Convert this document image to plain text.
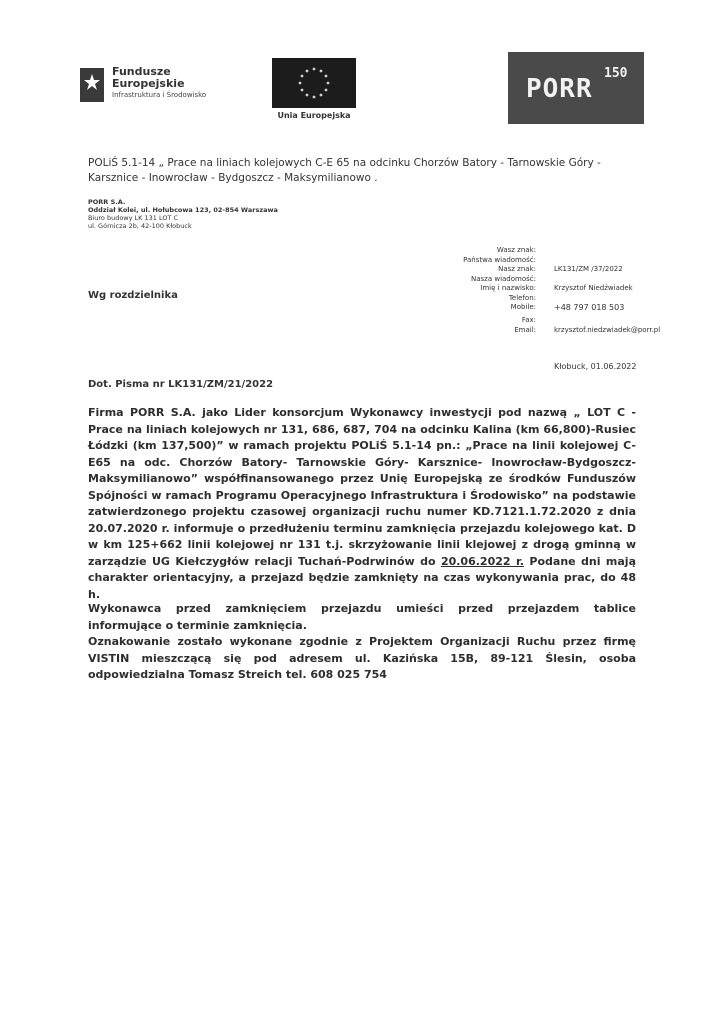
Fundusze
Europejskie
Infrastruktura i Środowisko
Unia Europejska
PORR
150
POLiŚ 5.1-14 „ Prace na liniach kolejowych C-E 65 na odcinku Chorzów Batory - Tarnowskie Góry - Karsznice - Inowrocław - Bydgoszcz - Maksymilianowo .
PORR S.A.
Oddział Kolei, ul. Hołubcowa 123, 02-854 Warszawa
Biuro budowy LK 131 LOT C
ul. Górnicza 2b, 42-100 Kłobuck
Wg rozdzielnika
Wasz znak:
Państwa wiadomość:
Nasz znak:	LK131/ZM /37/2022
Nasza wiadomość:
Imię i nazwisko:	Krzysztof Niedźwiadek
Telefon:
Mobile: +48 797 018 503
Fax:
Email:	krzysztof.niedzwiadek@porr.pl
Kłobuck, 01.06.2022
Dot. Pisma nr LK131/ZM/21/2022
Firma PORR S.A. jako Lider konsorcjum Wykonawcy inwestycji pod nazwą „ LOT C - Prace na liniach kolejowych nr 131, 686, 687, 704 na odcinku Kalina (km 66,800)-Rusiec Łódzki (km 137,500)” w ramach projektu POLiŚ 5.1-14 pn.: „Prace na linii kolejowej C-E65 na odc. Chorzów Batory- Tarnowskie Góry- Karsznice- Inowrocław-Bydgoszcz- Maksymilianowo” współfinansowanego przez Unię Europejską ze środków Funduszów Spójności w ramach Programu Operacyjnego Infrastruktura i Środowisko” na podstawie zatwierdzonego projektu czasowej organizacji ruchu numer KD.7121.1.72.2020 z dnia 20.07.2020 r. informuje o przedłużeniu terminu zamknięcia przejazdu kolejowego kat. D w km 125+662 linii kolejowej nr 131 t.j. skrzyżowanie linii klejowej z drogą gminną w zarządzie UG Kiełczygłów relacji Tuchań-Podrwinów do 20.06.2022 r. Podane dni mają charakter orientacyjny, a przejazd będzie zamknięty na czas wykonywania prac, do 48 h.
Wykonawca przed zamknięciem przejazdu umieści przed przejazdem tablice informujące o terminie zamknięcia.
Oznakowanie zostało wykonane zgodnie z Projektem Organizacji Ruchu przez firmę VISTIN mieszczącą się pod adresem ul. Kazińska 15B, 89-121 Ślesin, osoba odpowiedzialna Tomasz Streich tel. 608 025 754
